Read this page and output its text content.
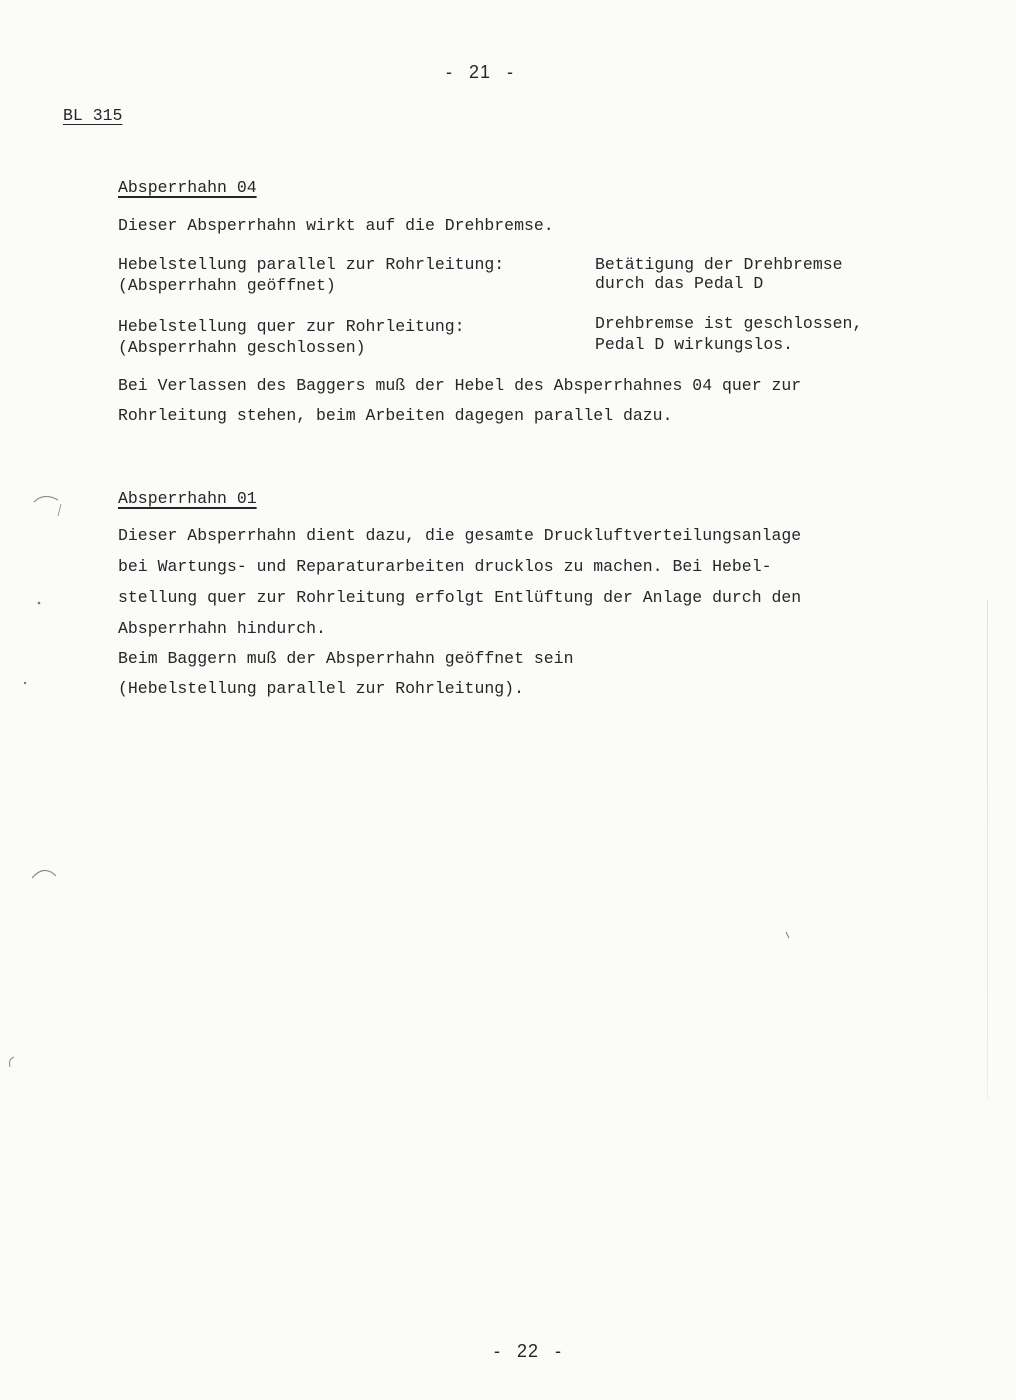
- 21 -
BL 315
Absperrhahn 04
Dieser Absperrhahn wirkt auf die Drehbremse.
Hebelstellung parallel zur Rohrleitung:
(Absperrhahn geöffnet)
Betätigung der Drehbremse
durch das Pedal D
Hebelstellung quer zur Rohrleitung:
(Absperrhahn geschlossen)
Drehbremse ist geschlossen,
Pedal D wirkungslos.
Bei Verlassen des Baggers muß der Hebel des Absperrhahnes 04 quer zur
Rohrleitung stehen, beim Arbeiten dagegen parallel dazu.
Absperrhahn 01
Dieser Absperrhahn dient dazu, die gesamte Druckluftverteilungsanlage
bei Wartungs- und Reparaturarbeiten drucklos zu machen. Bei Hebel-
stellung quer zur Rohrleitung erfolgt Entlüftung der Anlage durch den
Absperrhahn hindurch.
Beim Baggern muß der Absperrhahn geöffnet sein
(Hebelstellung parallel zur Rohrleitung).
- 22 -
